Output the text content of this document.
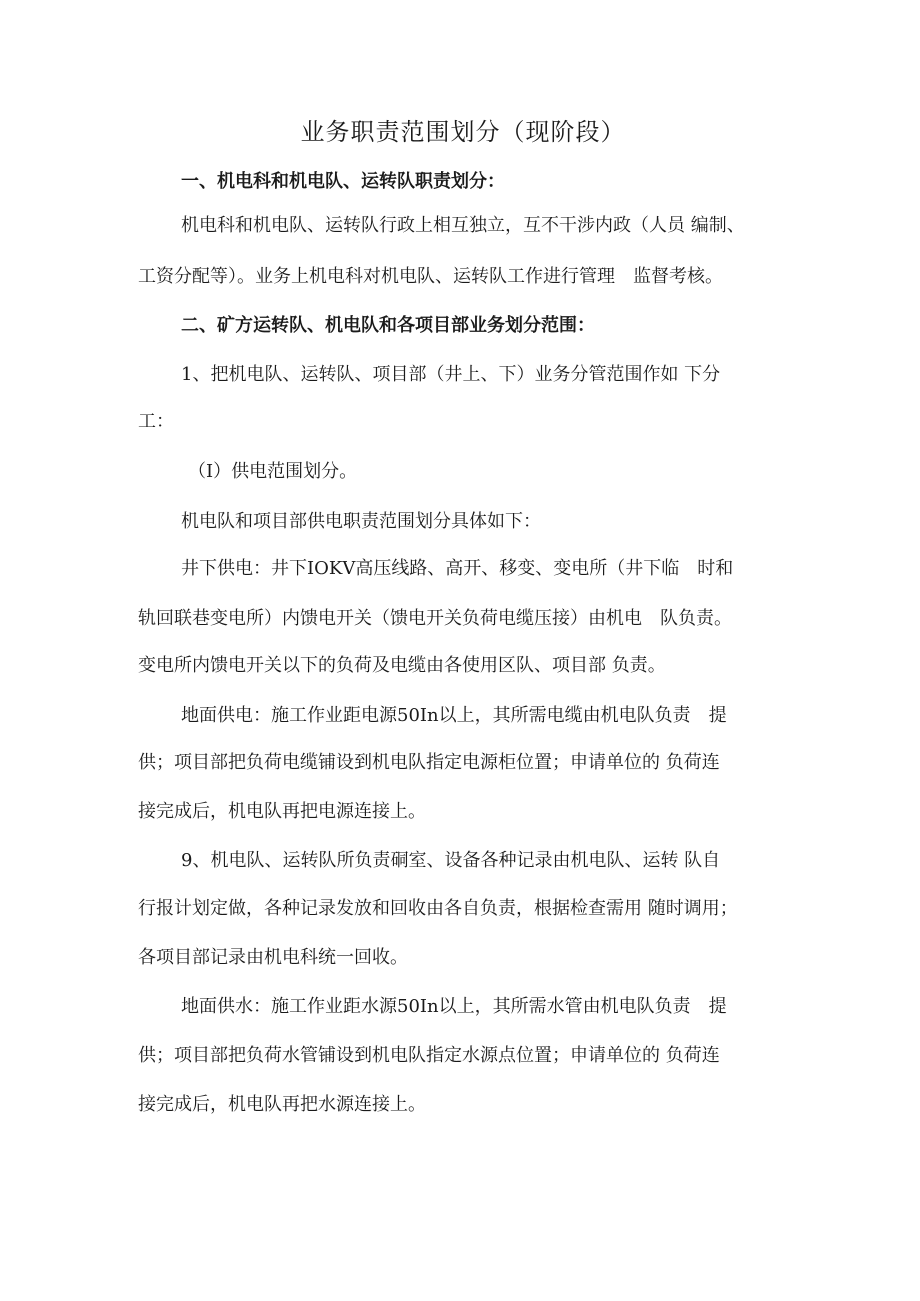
业务职责范围划分（现阶段）
一、机电科和机电队、运转队职责划分：
机电科和机电队、运转队行政上相互独立，互不干涉内政（人员 编制、
工资分配等）。业务上机电科对机电队、运转队工作进行管理　监督考核。
二、矿方运转队、机电队和各项目部业务划分范围：
1、把机电队、运转队、项目部（井上、下）业务分管范围作如 下分
工：
（I）供电范围划分。
机电队和项目部供电职责范围划分具体如下：
井下供电：井下IOKV高压线路、高开、移变、变电所（井下临　时和
轨回联巷变电所）内馈电开关（馈电开关负荷电缆压接）由机电　队负责。
变电所内馈电开关以下的负荷及电缆由各使用区队、项目部 负责。
地面供电：施工作业距电源50In以上，其所需电缆由机电队负责　提
供；项目部把负荷电缆铺设到机电队指定电源柜位置；申请单位的 负荷连
接完成后，机电队再把电源连接上。
9、机电队、运转队所负责硐室、设备各种记录由机电队、运转 队自
行报计划定做，各种记录发放和回收由各自负责，根据检查需用 随时调用；
各项目部记录由机电科统一回收。
地面供水：施工作业距水源50In以上，其所需水管由机电队负责　提
供；项目部把负荷水管铺设到机电队指定水源点位置；申请单位的 负荷连
接完成后，机电队再把水源连接上。
